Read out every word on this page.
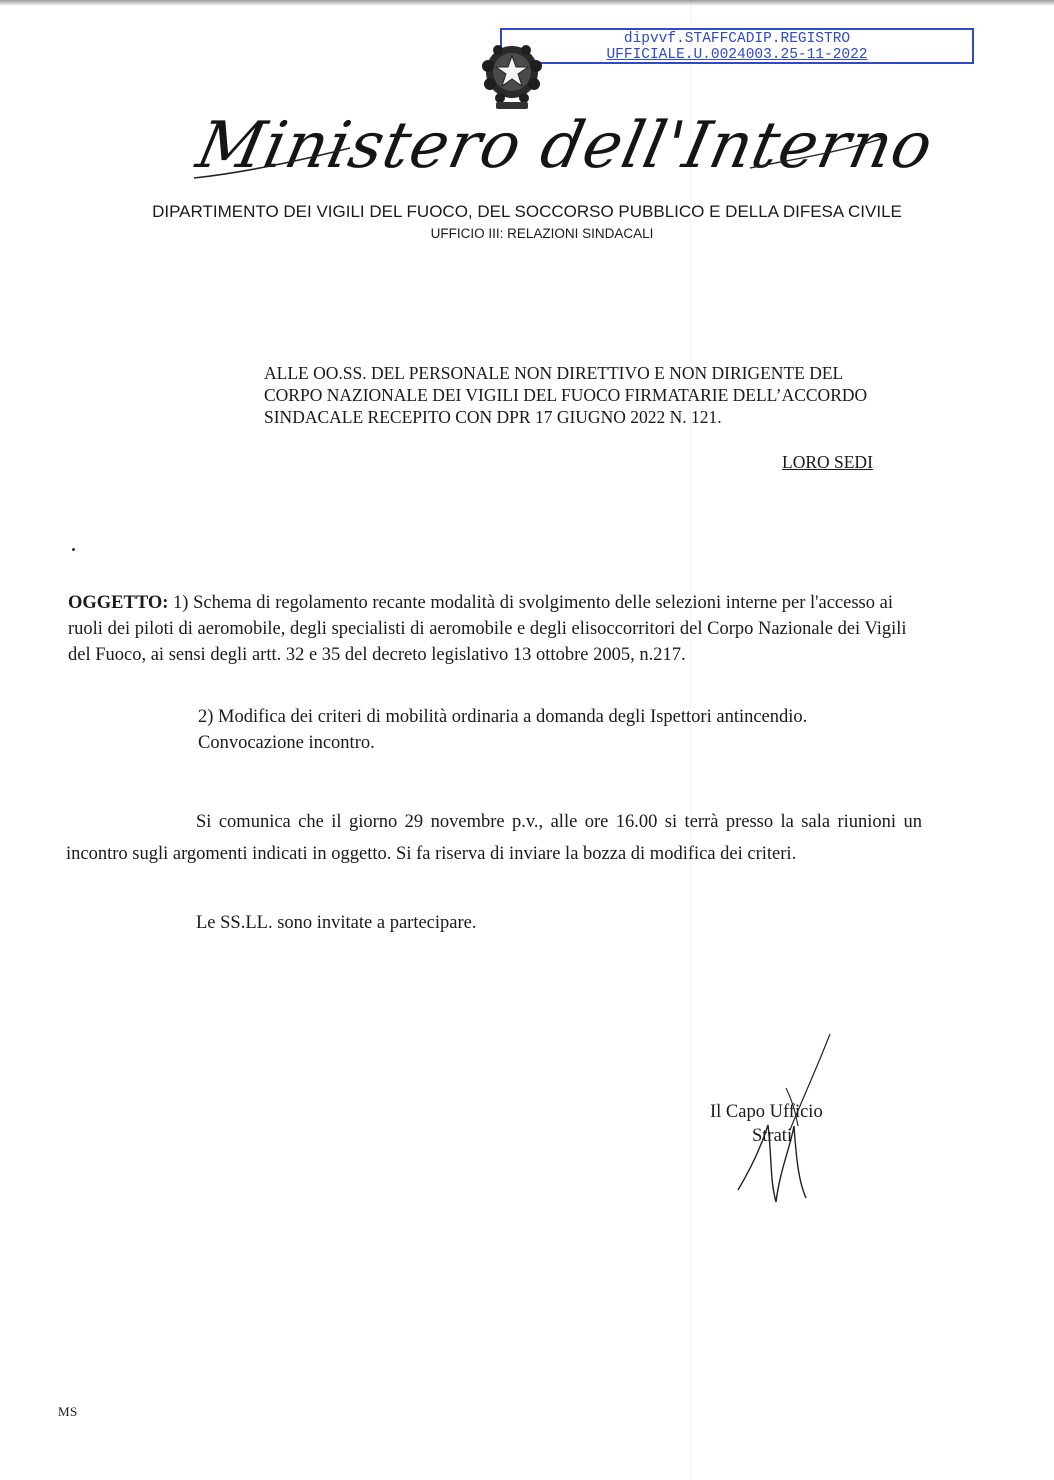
dipvvf.STAFFCADIP.REGISTRO
UFFICIALE.U.0024003.25-11-2022
Ministero dell'Interno
DIPARTIMENTO DEI VIGILI DEL FUOCO, DEL SOCCORSO PUBBLICO E DELLA DIFESA CIVILE
UFFICIO III: RELAZIONI SINDACALI
ALLE OO.SS. DEL PERSONALE NON DIRETTIVO E NON DIRIGENTE DEL
CORPO NAZIONALE DEI VIGILI DEL FUOCO FIRMATARIE DELL’ACCORDO
SINDACALE RECEPITO CON DPR 17 GIUGNO 2022 N. 121.
LORO SEDI
OGGETTO: 1) Schema di regolamento recante modalità di svolgimento delle selezioni interne per l'accesso ai ruoli dei piloti di aeromobile, degli specialisti di aeromobile e degli elisoccorritori del Corpo Nazionale dei Vigili del Fuoco, ai sensi degli artt. 32 e 35 del decreto legislativo 13 ottobre 2005, n.217.
2) Modifica dei criteri di mobilità ordinaria a domanda degli Ispettori antincendio.
Convocazione incontro.
Si comunica che il giorno 29 novembre p.v., alle ore 16.00 si terrà presso la sala riunioni un incontro sugli argomenti indicati in oggetto. Si fa riserva di inviare la bozza di modifica dei criteri.
Le SS.LL. sono invitate a partecipare.
Il Capo Ufficio
Strati
MS
